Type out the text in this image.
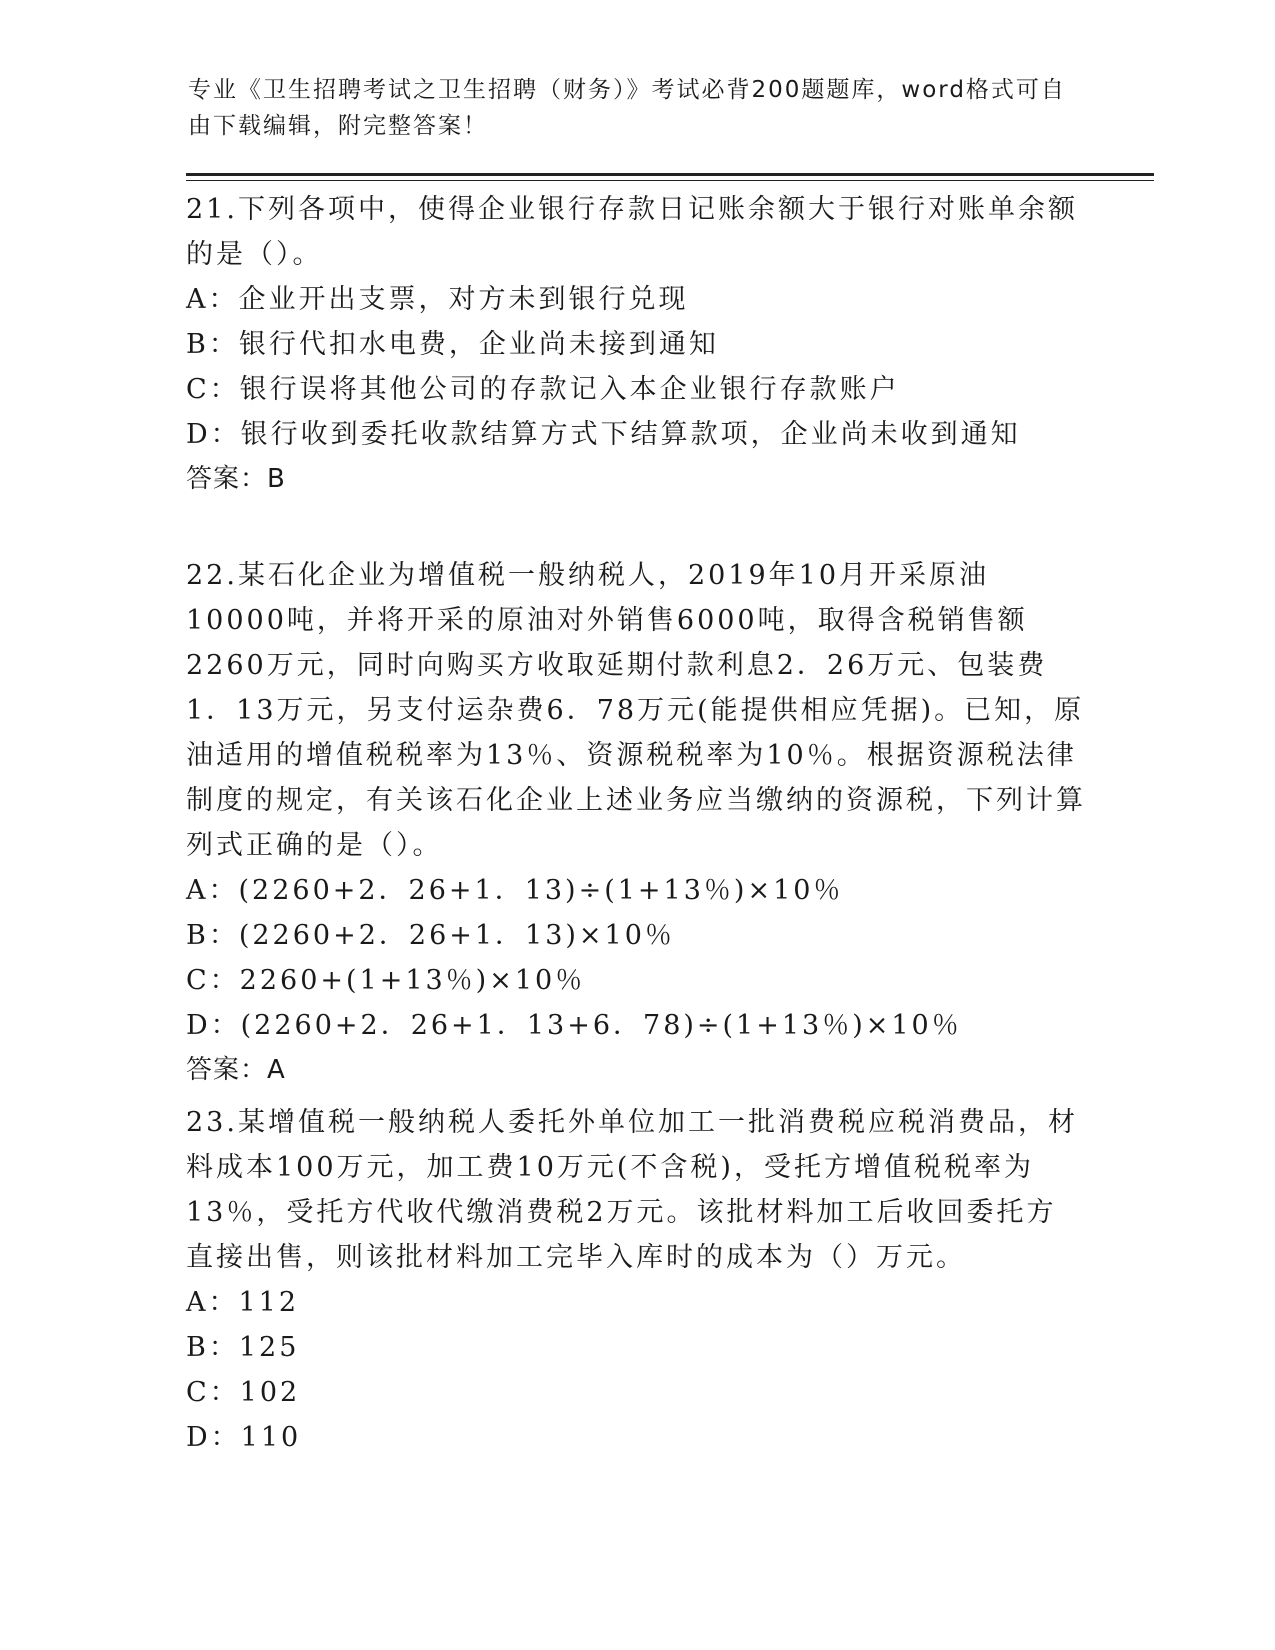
专业《卫生招聘考试之卫生招聘（财务）》考试必背200题题库，word格式可自由下载编辑，附完整答案！
21.下列各项中，使得企业银行存款日记账余额大于银行对账单余额的是（）。
A：企业开出支票，对方未到银行兑现
B：银行代扣水电费，企业尚未接到通知
C：银行误将其他公司的存款记入本企业银行存款账户
D：银行收到委托收款结算方式下结算款项，企业尚未收到通知
答案：B
22.某石化企业为增值税一般纳税人，2019年10月开采原油10000吨，并将开采的原油对外销售6000吨，取得含税销售额2260万元，同时向购买方收取延期付款利息2．26万元、包装费1．13万元，另支付运杂费6．78万元(能提供相应凭据)。已知，原油适用的增值税税率为13％、资源税税率为10％。根据资源税法律制度的规定，有关该石化企业上述业务应当缴纳的资源税，下列计算列式正确的是（）。
A：(2260+2．26+1．13)÷(1+13％)×10％
B：(2260+2．26+1．13)×10％
C：2260+(1+13％)×10％
D：(2260+2．26+1．13+6．78)÷(1+13％)×10％
答案：A
23.某增值税一般纳税人委托外单位加工一批消费税应税消费品，材料成本100万元，加工费10万元(不含税)，受托方增值税税率为13％，受托方代收代缴消费税2万元。该批材料加工后收回委托方直接出售，则该批材料加工完毕入库时的成本为（）万元。
A：112
B：125
C：102
D：110
